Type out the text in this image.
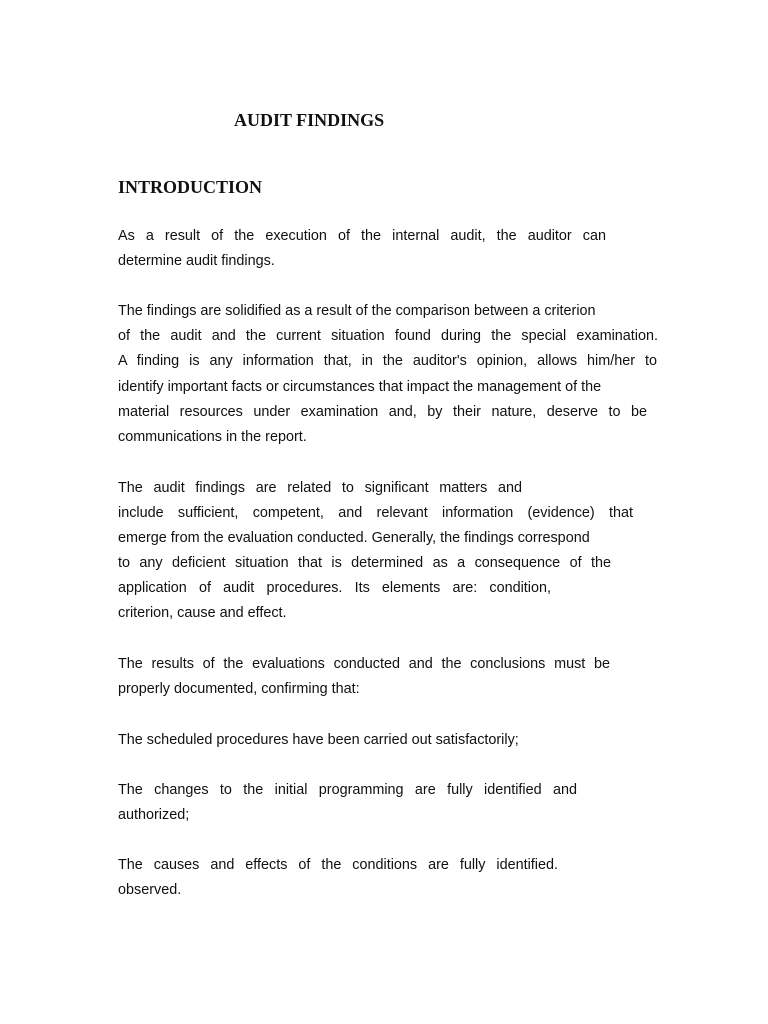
AUDIT FINDINGS
INTRODUCTION

As a result of the execution of the internal audit, the auditor can

determine audit findings.

The findings are solidified as a result of the comparison between a criterion

of the audit and the current situation found during the special examination.

A finding is any information that, in the auditor's opinion, allows him/her to

identify important facts or circumstances that impact the management of the

material resources under examination and, by their nature, deserve to be

communications in the report.

The audit findings are related to significant matters and

include sufficient, competent, and relevant information (evidence) that

emerge from the evaluation conducted. Generally, the findings correspond

to any deficient situation that is determined as a consequence of the

application of audit procedures. Its elements are: condition,

criterion, cause and effect.

The results of the evaluations conducted and the conclusions must be

properly documented, confirming that:

The scheduled procedures have been carried out satisfactorily;

The changes to the initial programming are fully identified and

authorized;

The causes and effects of the conditions are fully identified.

observed.
